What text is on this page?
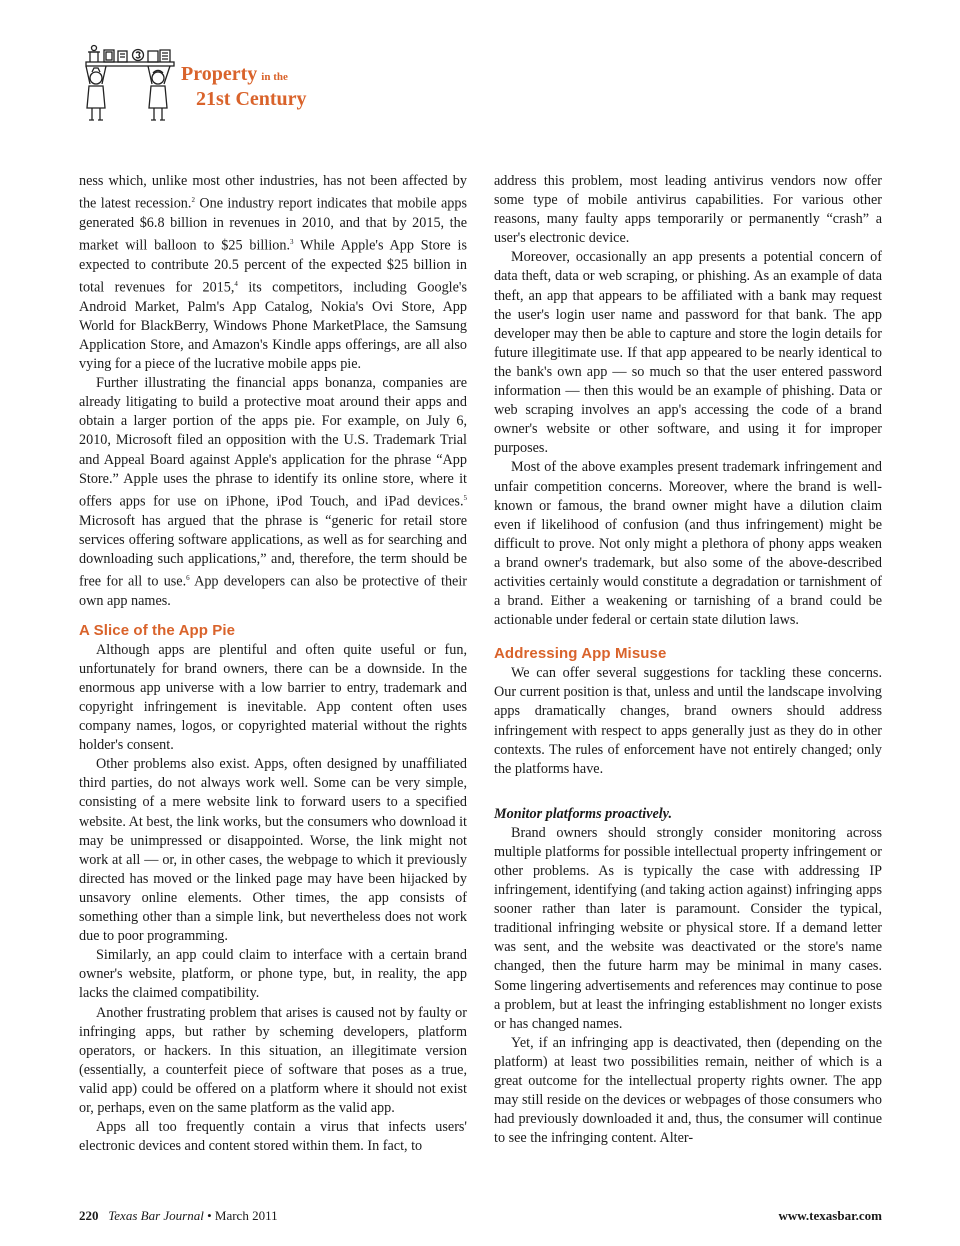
Property in the
21st Century

ness which, unlike most other industries, has not been affected by the latest recession.$^2$ One industry report indicates that mobile apps generated $6.8 billion in revenues in 2010, and that by 2015, the market will balloon to $25 billion.$^3$ While Apple's App Store is expected to contribute 20.5 percent of the expected $25 billion in total revenues for 2015,$^4$ its competitors, including Google's Android Market, Palm's App Catalog, Nokia's Ovi Store, App World for BlackBerry, Windows Phone MarketPlace, the Samsung Application Store, and Amazon's Kindle apps offerings, are all also vying for a piece of the lucrative mobile apps pie.

Further illustrating the financial apps bonanza, companies are already litigating to build a protective moat around their apps and obtain a larger portion of the apps pie. For example, on July 6, 2010, Microsoft filed an opposition with the U.S. Trademark Trial and Appeal Board against Apple's application for the phrase “App Store.” Apple uses the phrase to identify its online store, where it offers apps for use on iPhone, iPod Touch, and iPad devices.$^5$ Microsoft has argued that the phrase is “generic for retail store services offering software applications, as well as for searching and downloading such applications,” and, therefore, the term should be free for all to use.$^6$ App developers can also be protective of their own app names.

A Slice of the App Pie

Although apps are plentiful and often quite useful or fun, unfortunately for brand owners, there can be a downside. In the enormous app universe with a low barrier to entry, trademark and copyright infringement is inevitable. App content often uses company names, logos, or copyrighted material without the rights holder's consent.

Other problems also exist. Apps, often designed by unaffiliated third parties, do not always work well. Some can be very simple, consisting of a mere website link to forward users to a specified website. At best, the link works, but the consumers who download it may be unimpressed or disappointed. Worse, the link might not work at all — or, in other cases, the webpage to which it previously directed has moved or the linked page may have been hijacked by unsavory online elements. Other times, the app consists of something other than a simple link, but nevertheless does not work due to poor programming.

Similarly, an app could claim to interface with a certain brand owner's website, platform, or phone type, but, in reality, the app lacks the claimed compatibility.

Another frustrating problem that arises is caused not by faulty or infringing apps, but rather by scheming developers, platform operators, or hackers. In this situation, an illegitimate version (essentially, a counterfeit piece of software that poses as a true, valid app) could be offered on a platform where it should not exist or, perhaps, even on the same platform as the valid app.

Apps all too frequently contain a virus that infects users' electronic devices and content stored within them. In fact, to

address this problem, most leading antivirus vendors now offer some type of mobile antivirus capabilities. For various other reasons, many faulty apps temporarily or permanently “crash” a user's electronic device.

Moreover, occasionally an app presents a potential concern of data theft, data or web scraping, or phishing. As an example of data theft, an app that appears to be affiliated with a bank may request the user's login user name and password for that bank. The app developer may then be able to capture and store the login details for future illegitimate use. If that app appeared to be nearly identical to the bank's own app — so much so that the user entered password information — then this would be an example of phishing. Data or web scraping involves an app's accessing the code of a brand owner's website or other software, and using it for improper purposes.

Most of the above examples present trademark infringement and unfair competition concerns. Moreover, where the brand is well-known or famous, the brand owner might have a dilution claim even if likelihood of confusion (and thus infringement) might be difficult to prove. Not only might a plethora of phony apps weaken a brand owner's trademark, but also some of the above-described activities certainly would constitute a degradation or tarnishment of a brand. Either a weakening or tarnishing of a brand could be actionable under federal or certain state dilution laws.

Addressing App Misuse

We can offer several suggestions for tackling these concerns. Our current position is that, unless and until the landscape involving apps dramatically changes, brand owners should address infringement with respect to apps generally just as they do in other contexts. The rules of enforcement have not entirely changed; only the platforms have.

Monitor platforms proactively.

Brand owners should strongly consider monitoring across multiple platforms for possible intellectual property infringement or other problems. As is typically the case with addressing IP infringement, identifying (and taking action against) infringing apps sooner rather than later is paramount. Consider the typical, traditional infringing website or physical store. If a demand letter was sent, and the website was deactivated or the store's name changed, then the future harm may be minimal in many cases. Some lingering advertisements and references may continue to pose a problem, but at least the infringing establishment no longer exists or has changed names.

Yet, if an infringing app is deactivated, then (depending on the platform) at least two possibilities remain, neither of which is a great outcome for the intellectual property rights owner. The app may still reside on the devices or webpages of those consumers who had previously downloaded it and, thus, the consumer will continue to see the infringing content. Alter-

220 Texas Bar Journal • March 2011	www.texasbar.com
